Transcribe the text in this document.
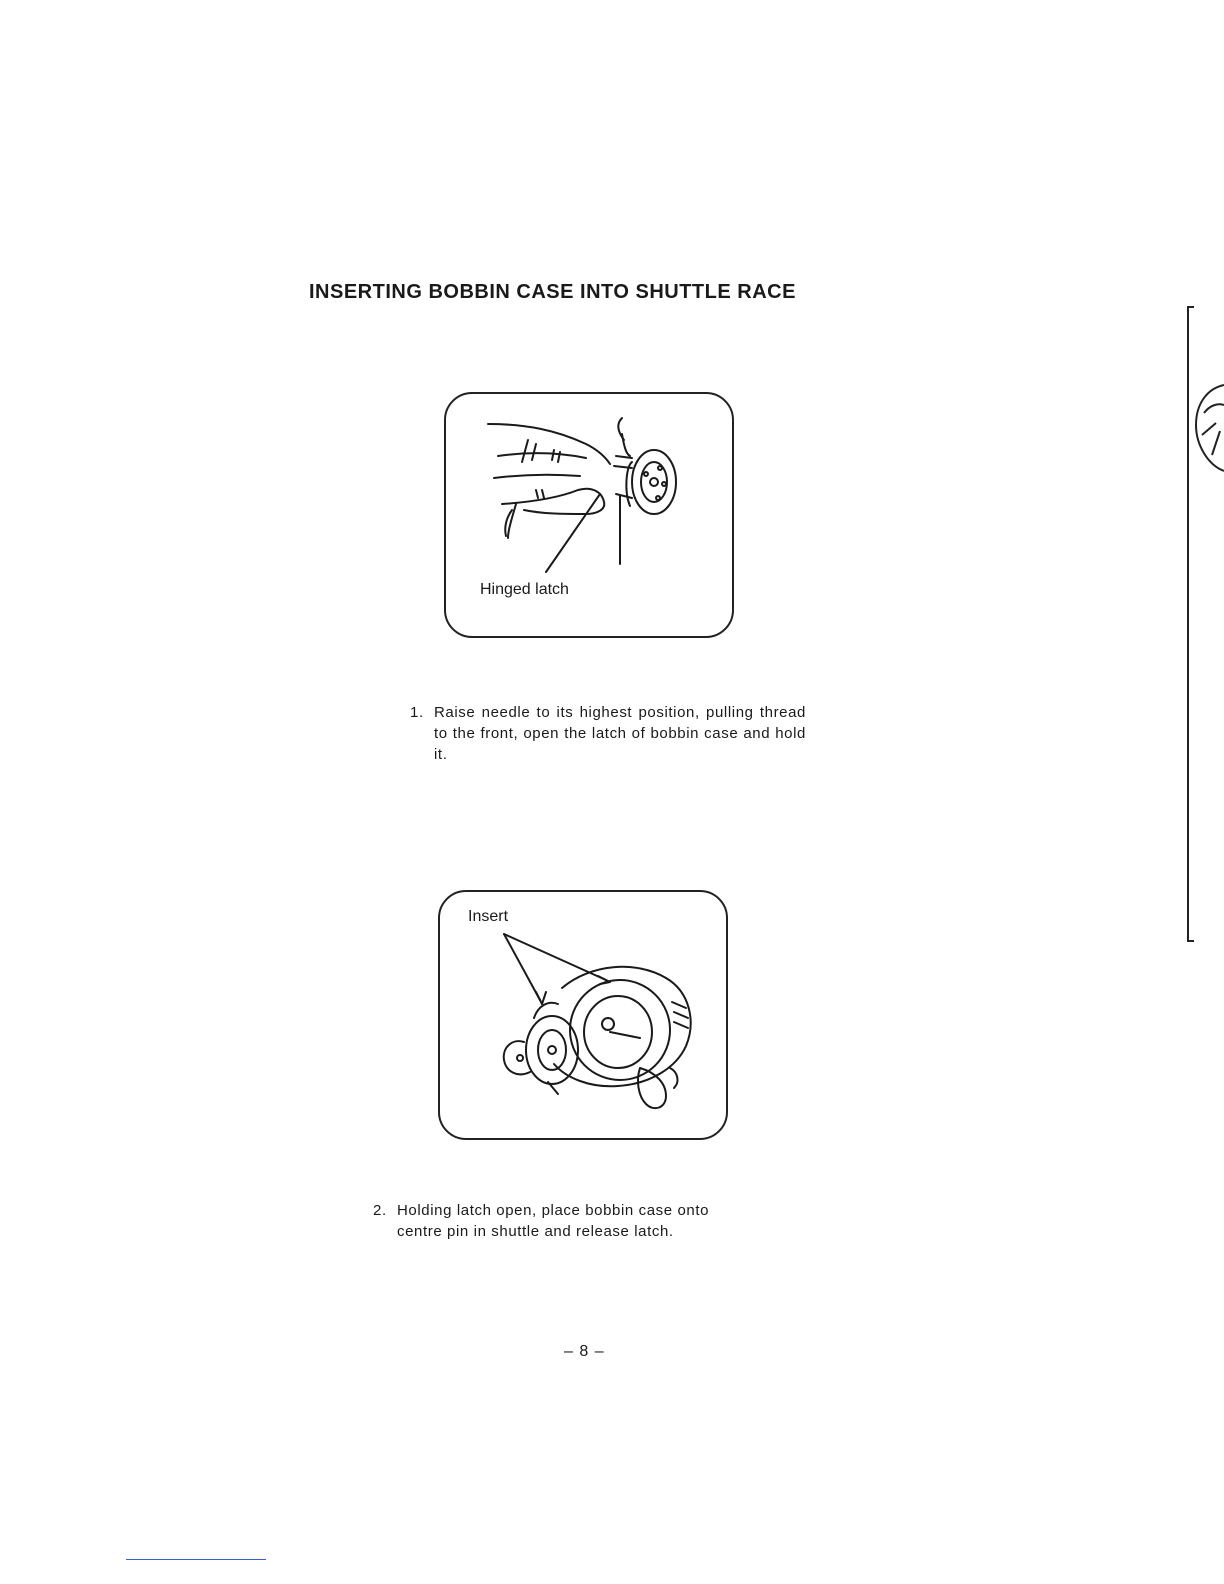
INSERTING BOBBIN CASE INTO SHUTTLE RACE
Hinged latch
1. Raise needle to its highest position, pulling thread to the front, open the latch of bobbin case and hold it.
Insert
2. Holding latch open, place bobbin case onto centre pin in shuttle and release latch.
– 8 –
